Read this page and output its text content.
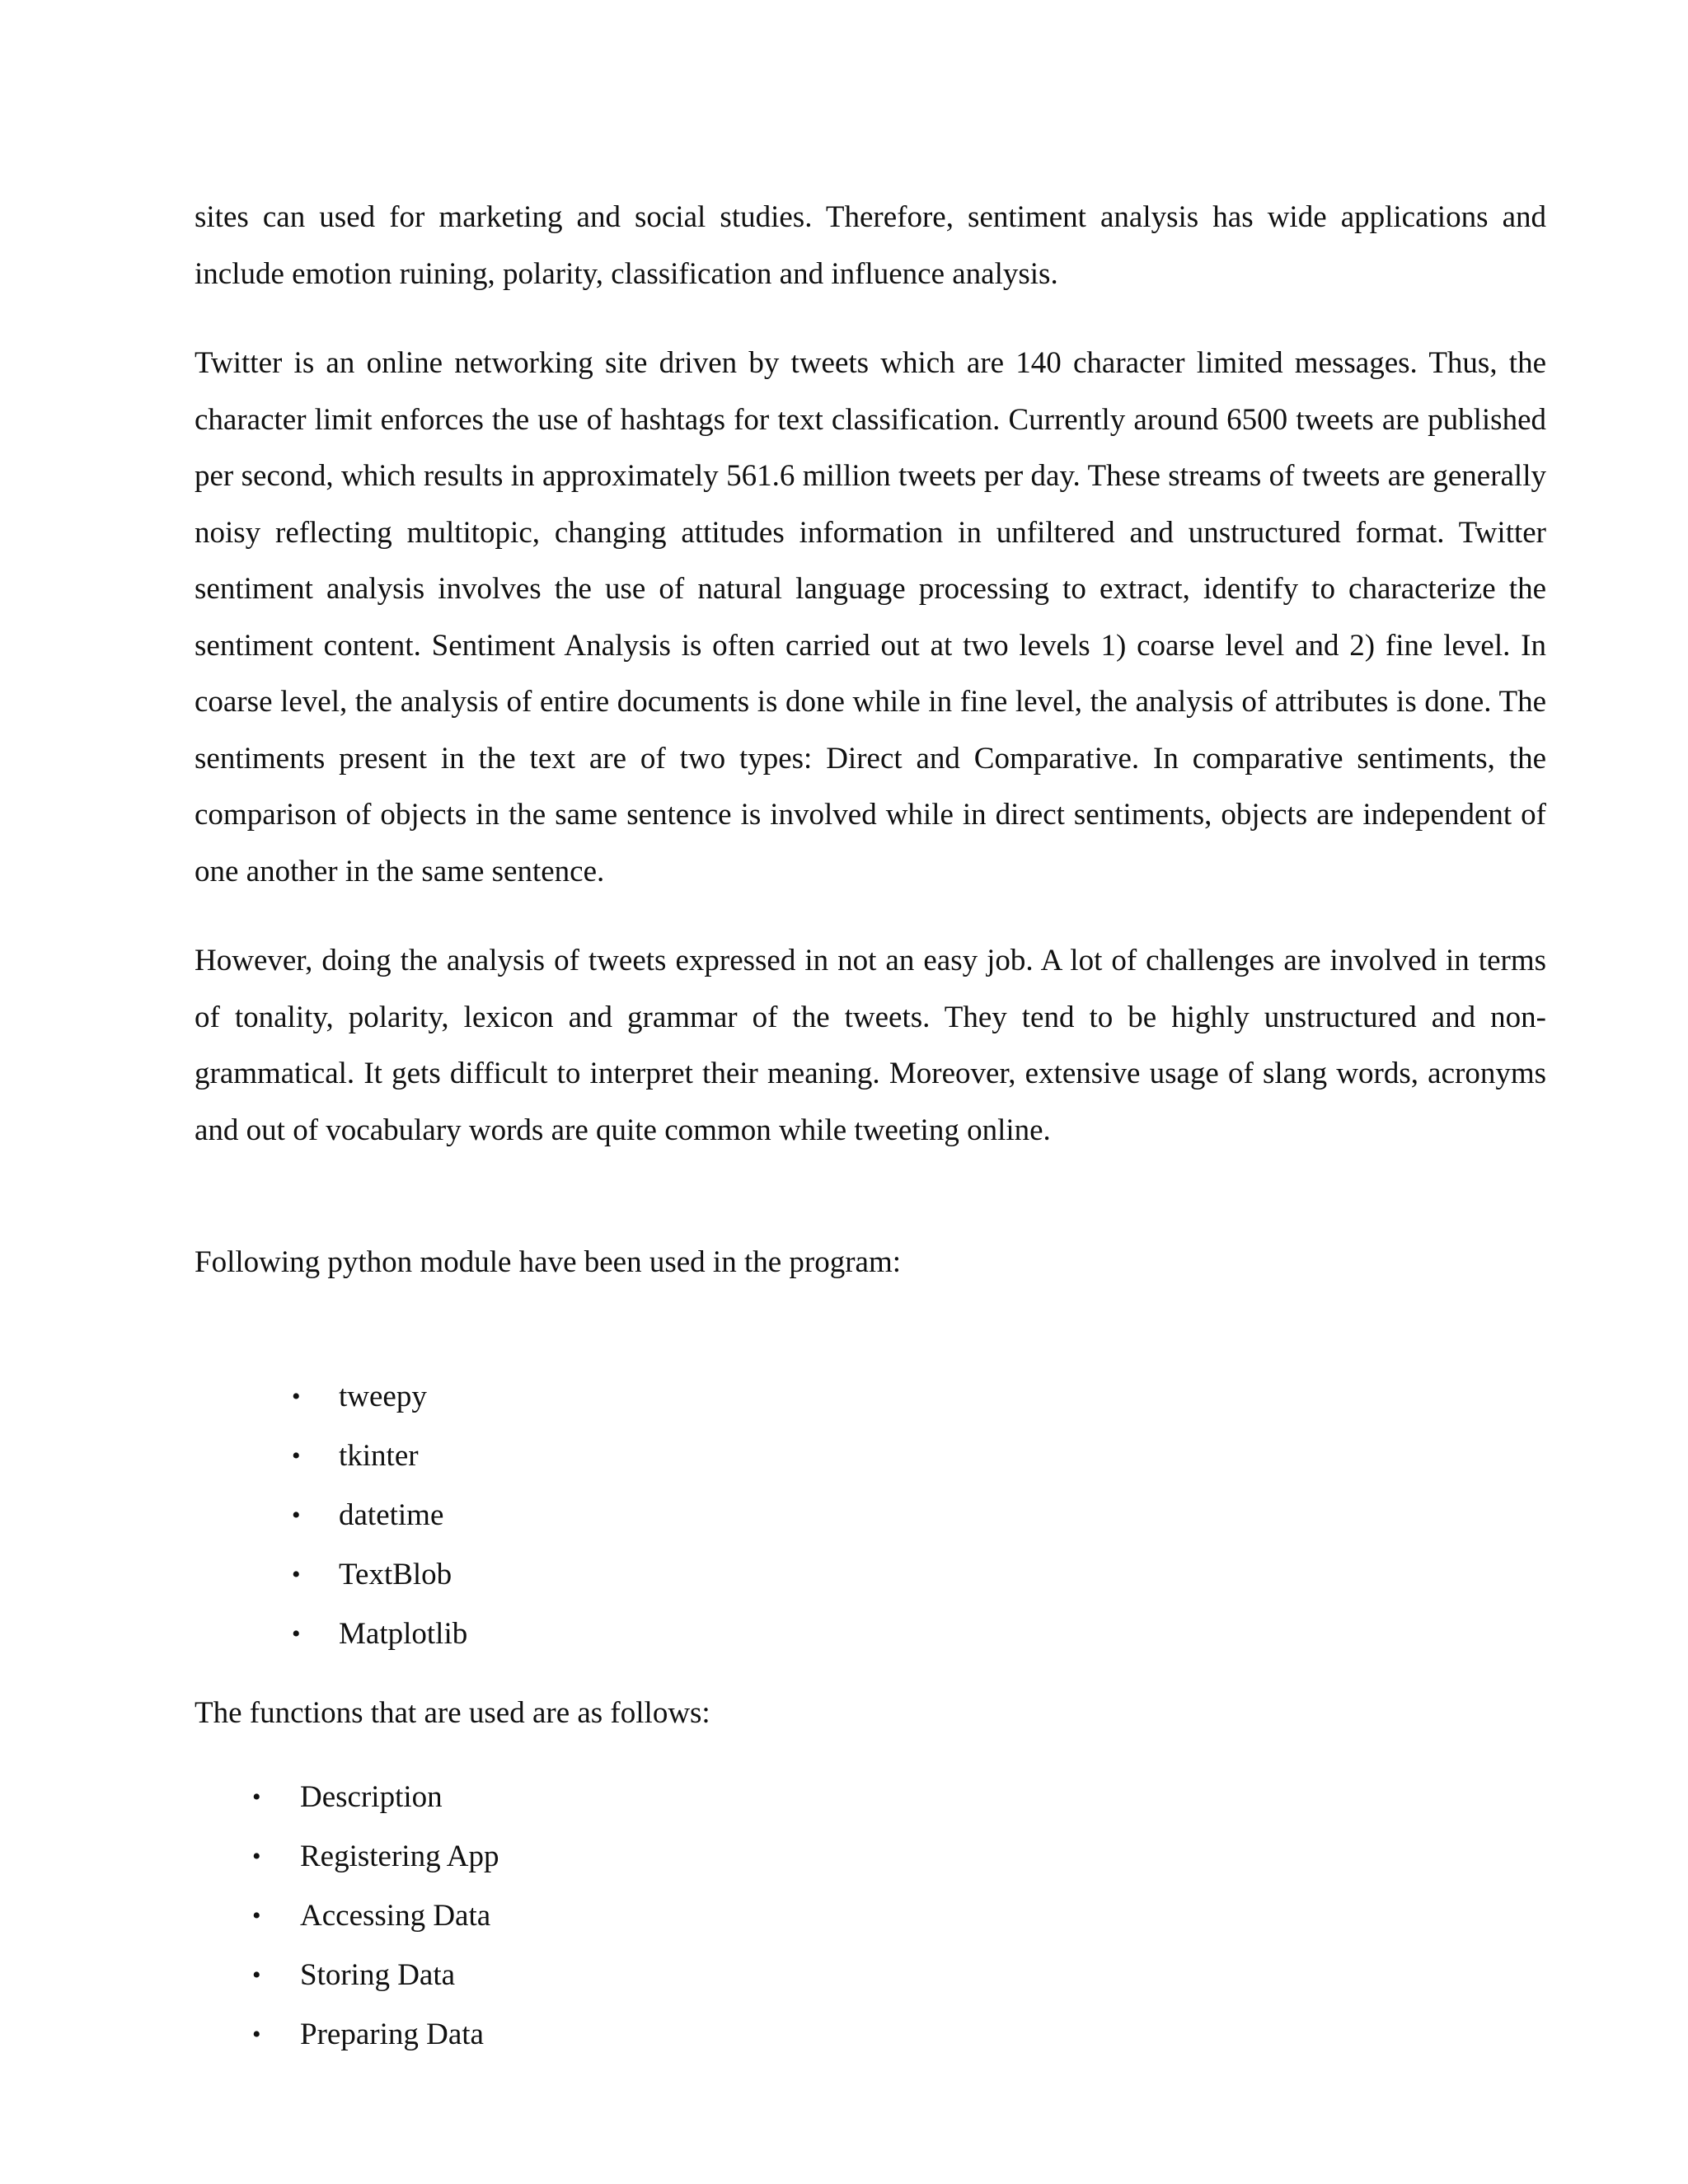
sites can used for marketing and social studies. Therefore, sentiment analysis has wide applications and include emotion ruining, polarity, classification and influence analysis.

Twitter is an online networking site driven by tweets which are 140 character limited messages. Thus, the character limit enforces the use of hashtags for text classification. Currently around 6500 tweets are published per second, which results in approximately 561.6 million tweets per day. These streams of tweets are generally noisy reflecting multitopic, changing attitudes information in unfiltered and unstructured format. Twitter sentiment analysis involves the use of natural language processing to extract, identify to characterize the sentiment content. Sentiment Analysis is often carried out at two levels 1) coarse level and 2) fine level. In coarse level, the analysis of entire documents is done while in fine level, the analysis of attributes is done. The sentiments present in the text are of two types: Direct and Comparative. In comparative sentiments, the comparison of objects in the same sentence is involved while in direct sentiments, objects are independent of one another in the same sentence.

However, doing the analysis of tweets expressed in not an easy job. A lot of challenges are involved in terms of tonality, polarity, lexicon and grammar of the tweets. They tend to be highly unstructured and non-grammatical. It gets difficult to interpret their meaning. Moreover, extensive usage of slang words, acronyms and out of vocabulary words are quite common while tweeting online.

Following python module have been used in the program:

• tweepy
• tkinter
• datetime
• TextBlob
• Matplotlib

The functions that are used are as follows:

• Description
• Registering App
• Accessing Data
• Storing Data
• Preparing Data
